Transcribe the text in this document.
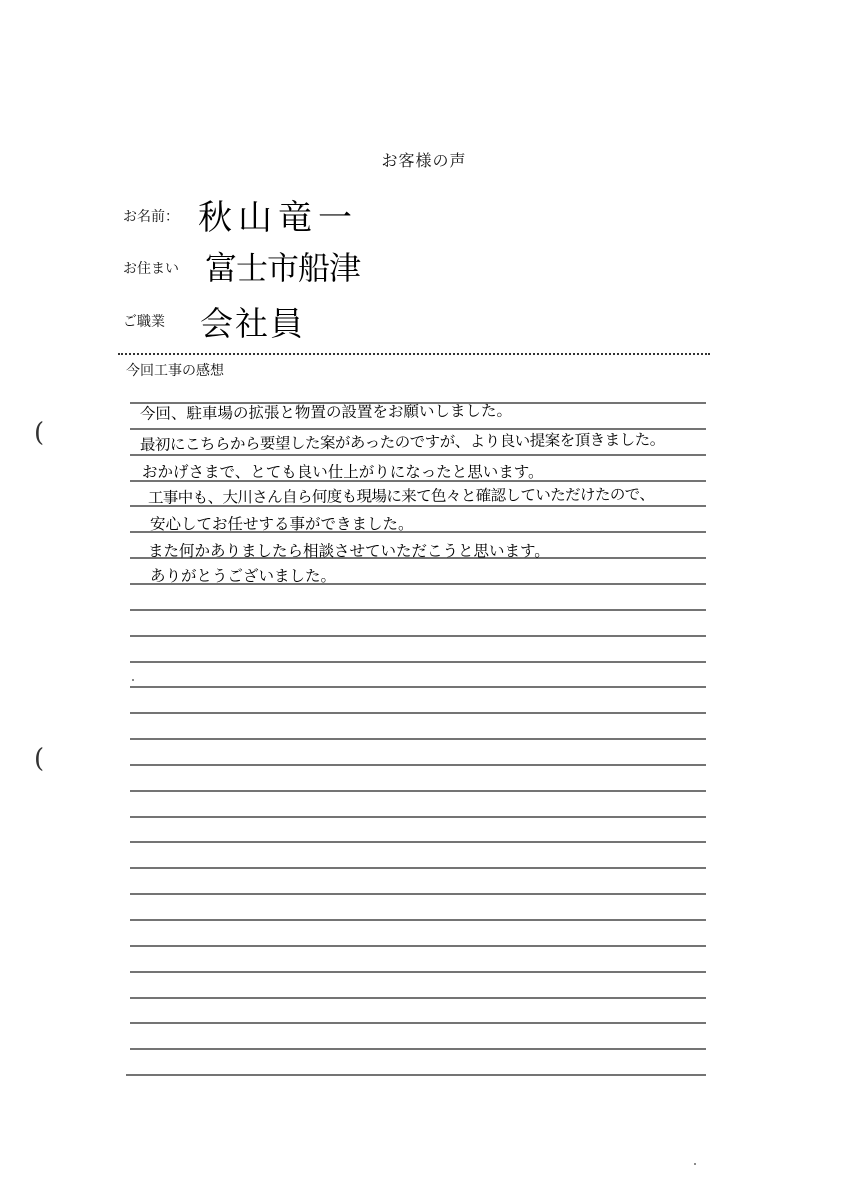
お客様の声
お名前： 秋山竜一
お住まい 富士市船津
ご職業 会社員
今回工事の感想
今回、駐車場の拡張と物置の設置をお願いしました。
最初にこちらから要望した案があったのですが、より良い提案を頂きました。
おかげさまで、とても良い仕上がりになったと思います。
工事中も、大川さん自ら何度も現場に来て色々と確認していただけたので、
安心してお任せする事ができました。
また何かありましたら相談させていただこうと思います。
ありがとうございました。
(
(
